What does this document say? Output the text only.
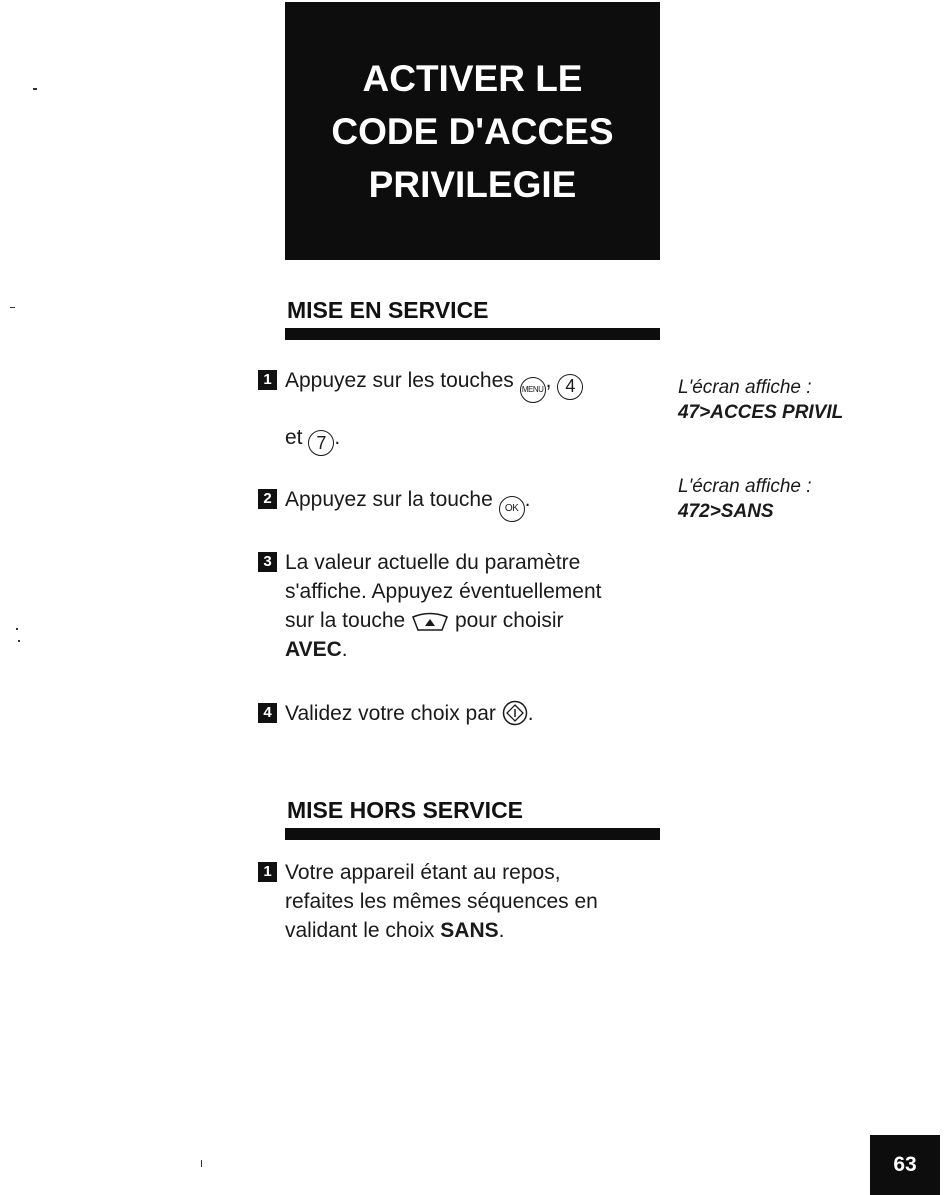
ACTIVER LE
CODE D'ACCES
PRIVILEGIE
MISE EN SERVICE
1 Appuyez sur les touches MENU , 4
et 7 .
2 Appuyez sur la touche OK .
3 La valeur actuelle du paramètre
s'affiche. Appuyez éventuellement
sur la touche pour choisir
AVEC.
4 Validez votre choix par .
L'écran affiche :
47>ACCES PRIVIL
L'écran affiche :
472>SANS
MISE HORS SERVICE
1 Votre appareil étant au repos,
refaites les mêmes séquences en
validant le choix SANS.
63
